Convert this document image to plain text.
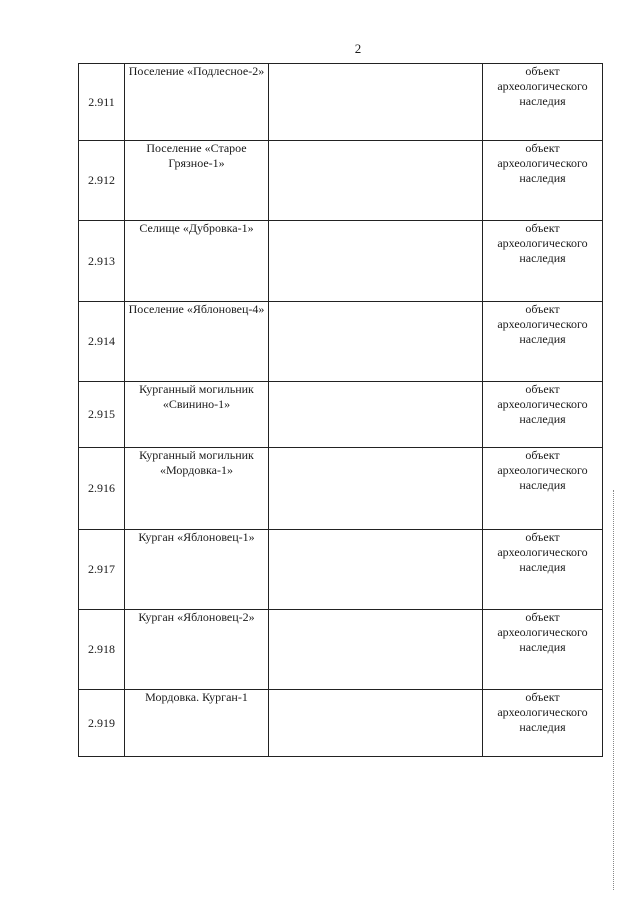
2
2.911	Поселение «Подлесное-2»		объект
археологического
наследия

2.912	Поселение «Старое Грязное-1»		объект
археологического
наследия

2.913	Селище «Дубровка-1»		объект
археологического
наследия

2.914	Поселение «Яблоновец-4»		объект
археологического
наследия

2.915	Курганный могильник «Свинино-1»		объект
археологического
наследия

2.916	Курганный могильник «Мордовка-1»		объект
археологического
наследия

2.917	Курган «Яблоновец-1»		объект
археологического
наследия

2.918	Курган «Яблоновец-2»		объект
археологического
наследия

2.919	Мордовка. Курган-1		объект
археологического
наследия
